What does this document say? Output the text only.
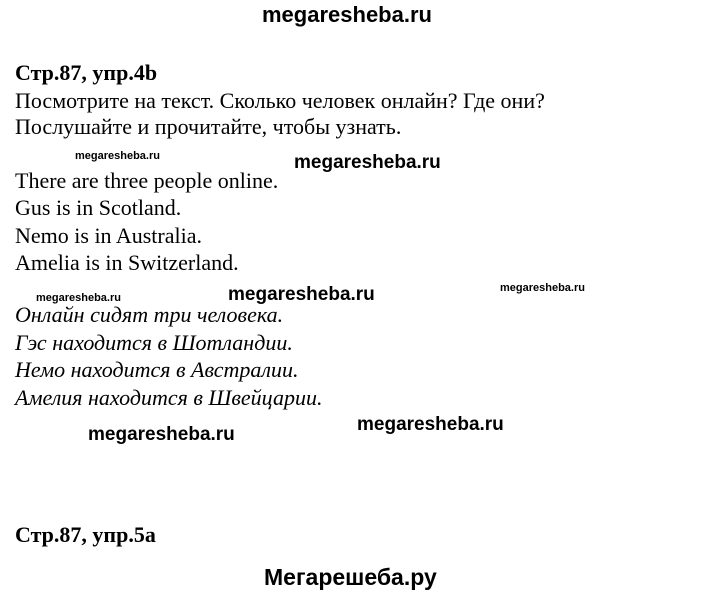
megaresheba.ru
Стр.87, упр.4b
Посмотрите на текст. Сколько человек онлайн? Где они?
Послушайте и прочитайте, чтобы узнать.
megaresheba.ru	megaresheba.ru
There are three people online.
Gus is in Scotland.
Nemo is in Australia.
Amelia is in Switzerland.
megaresheba.ru	megaresheba.ru	megaresheba.ru
Онлайн сидят три человека.
Гэс находится в Шотландии.
Немо находится в Австралии.
Амелия находится в Швейцарии.
megaresheba.ru	megaresheba.ru
Стр.87, упр.5а
Мегарешеба.ру
